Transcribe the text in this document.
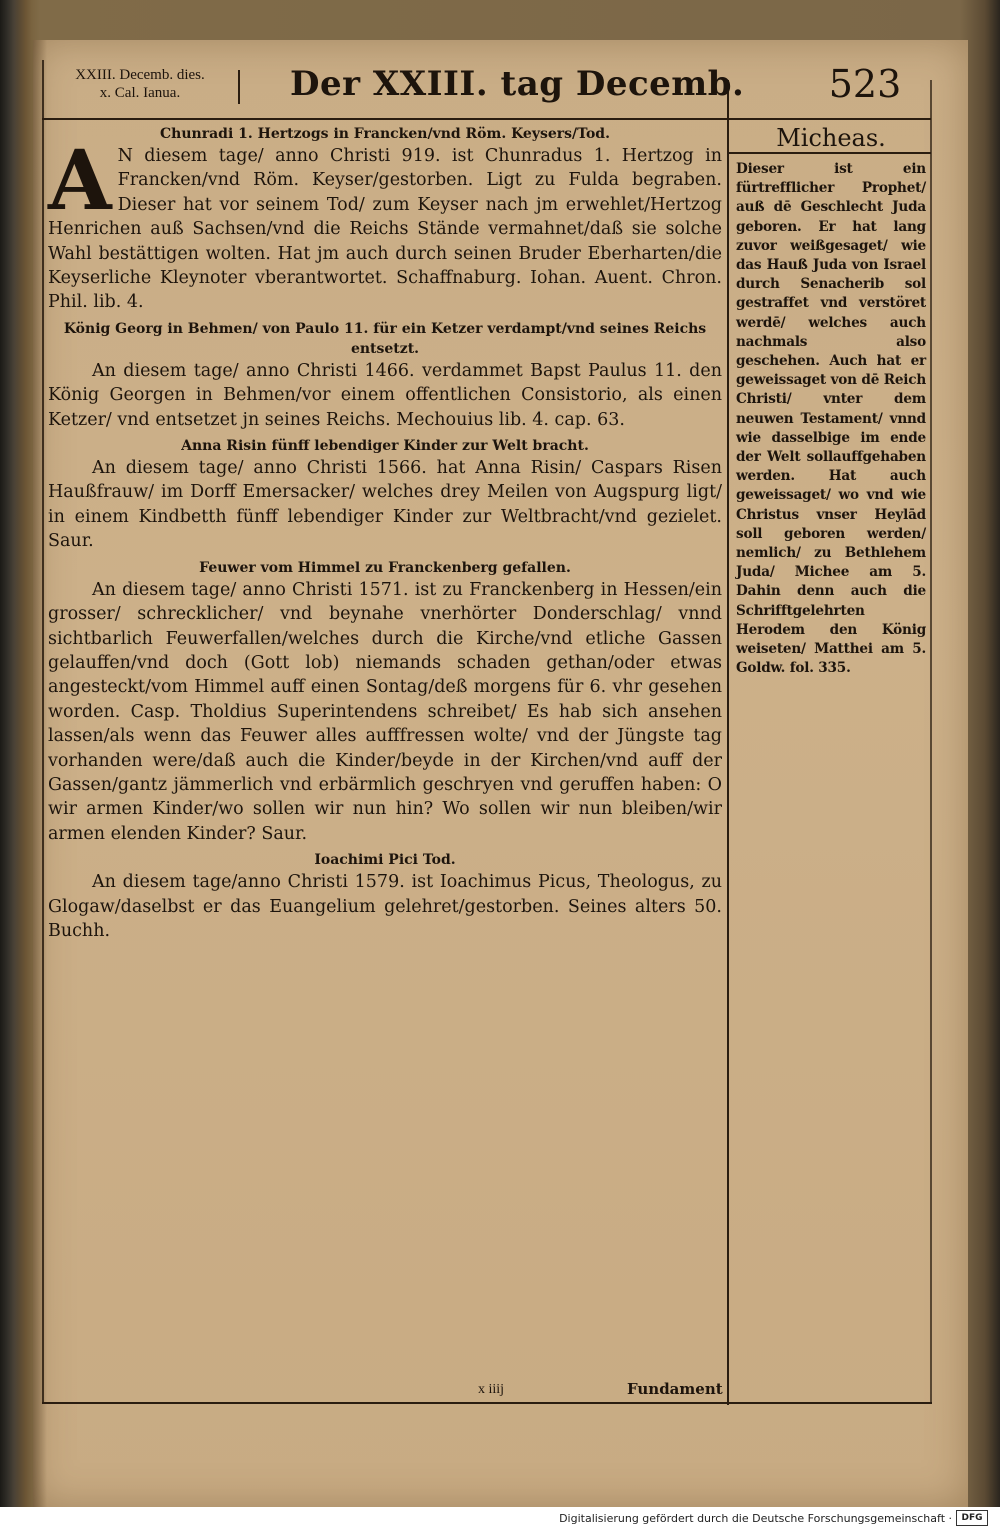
XXIII. Decemb. dies.
x. Cal. Ianua.	Der XXIII. tag Decemb.	523

Chunradi 1. Hertzogs in Francken/vnd Röm. Keysers/Tod.

A N diesem tage/ anno Christi 919. ist Chunradus 1. Hertzog in Francken/vnd Röm. Keyser/gestorben. Ligt zu Fulda begraben. Dieser hat vor seinem Tod/ zum Keyser nach jm erwehlet/Hertzog Henrichen auß Sachsen/vnd die Reichs Stände vermahnet/daß sie solche Wahl bestättigen wolten. Hat jm auch durch seinen Bruder Eberharten/die Keyserliche Kleynoter vberantwortet. Schaffnaburg. Iohan. Auent. Chron. Phil. lib. 4.

König Georg in Behmen/ von Paulo 11. für ein Ketzer verdampt/vnd seines Reichs entsetzt.

An diesem tage/ anno Christi 1466. verdammet Bapst Paulus 11. den König Georgen in Behmen/vor einem offentlichen Consistorio, als einen Ketzer/ vnd entsetzet jn seines Reichs. Mechouius lib. 4. cap. 63.

Anna Risin fünff lebendiger Kinder zur Welt bracht.

An diesem tage/ anno Christi 1566. hat Anna Risin/ Caspars Risen Haußfrauw/ im Dorff Emersacker/ welches drey Meilen von Augspurg ligt/ in einem Kindbetth fünff lebendiger Kinder zur Weltbracht/vnd gezielet. Saur.

Feuwer vom Himmel zu Franckenberg gefallen.

An diesem tage/ anno Christi 1571. ist zu Franckenberg in Hessen/ein grosser/ schrecklicher/ vnd beynahe vnerhörter Donderschlag/ vnnd sichtbarlich Feuwerfallen/welches durch die Kirche/vnd etliche Gassen gelauffen/vnd doch (Gott lob) niemands schaden gethan/oder etwas angesteckt/vom Himmel auff einen Sontag/deß morgens für 6. vhr gesehen worden. Casp. Tholdius Superintendens schreibet/ Es hab sich ansehen lassen/als wenn das Feuwer alles aufffressen wolte/ vnd der Jüngste tag vorhanden were/daß auch die Kinder/beyde in der Kirchen/vnd auff der Gassen/gantz jämmerlich vnd erbärmlich geschryen vnd geruffen haben: O wir armen Kinder/wo sollen wir nun hin? Wo sollen wir nun bleiben/wir armen elenden Kinder? Saur.

Ioachimi Pici Tod.

An diesem tage/anno Christi 1579. ist Ioachimus Picus, Theologus, zu Glogaw/daselbst er das Euangelium gelehret/gestorben. Seines alters 50. Buchh.

Micheas.

Dieser ist ein fürtrefflicher Prophet/ auß dē Geschlecht Juda geboren. Er hat lang zuvor weißgesaget/ wie das Hauß Juda von Israel durch Senacherib sol gestraffet vnd verstöret werdē/ welches auch nachmals also geschehen. Auch hat er geweissaget von dē Reich Christi/ vnter dem neuwen Testament/ vnnd wie dasselbige im ende der Welt sollauffgehaben werden. Hat auch geweissaget/ wo vnd wie Christus vnser Heylād soll geboren werden/ nemlich/ zu Bethlehem Juda/ Michee am 5. Dahin denn auch die Schrifftgelehrten Herodem den König weiseten/ Matthei am 5. Goldw. fol. 335.

x iiij	Fundament
Digitalisierung gefördert durch die Deutsche Forschungsgemeinschaft ·	DFG
